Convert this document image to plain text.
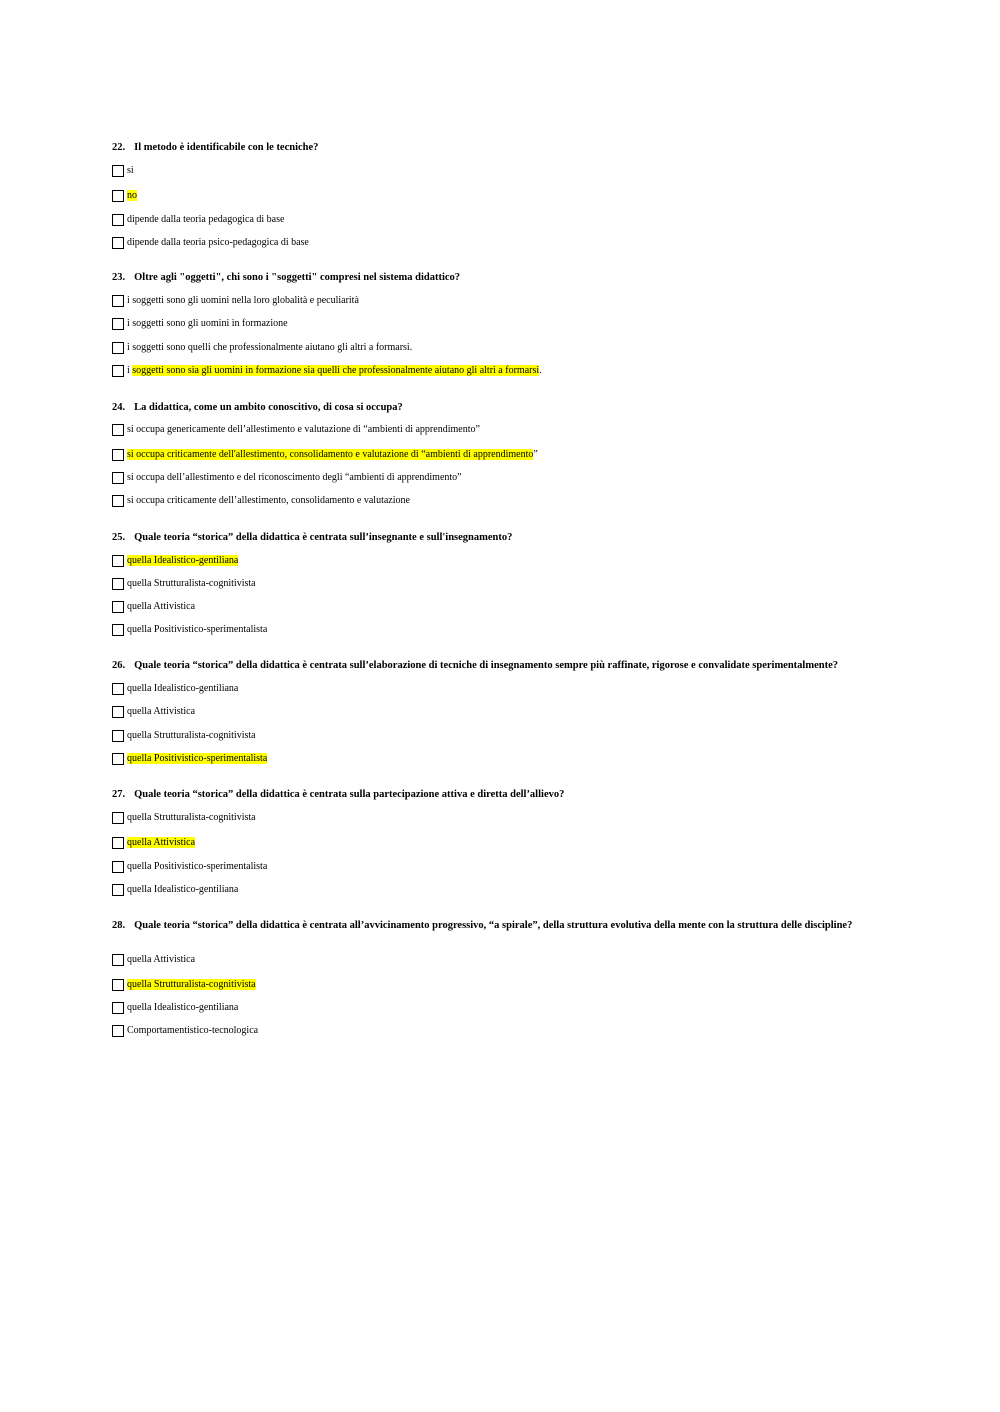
22. Il metodo è identificabile con le tecniche?

si
no
dipende dalla teoria pedagogica di base
dipende dalla teoria psico-pedagogica di base

23. Oltre agli "oggetti", chi sono i "soggetti" compresi nel sistema didattico?

i soggetti sono gli uomini nella loro globalità e peculiarità
i soggetti sono gli uomini in formazione
i soggetti sono quelli che professionalmente aiutano gli altri a formarsi.
i soggetti sono sia gli uomini in formazione sia quelli che professionalmente aiutano gli altri a formarsi.

24. La didattica, come un ambito conoscitivo, di cosa si occupa?

si occupa genericamente dell’allestimento e valutazione di “ambienti di apprendimento”
si occupa criticamente dell'allestimento, consolidamento e valutazione di “ambienti di apprendimento”
si occupa dell’allestimento e del riconoscimento degli “ambienti di apprendimento”
si occupa criticamente dell’allestimento, consolidamento e valutazione

25. Quale teoria “storica” della didattica è centrata sull’insegnante e sull'insegnamento?

quella Idealistico-gentiliana
quella Strutturalista-cognitivista
quella Attivistica
quella Positivistico-sperimentalista

26. Quale teoria “storica” della didattica è centrata sull’elaborazione di tecniche di insegnamento sempre più raffinate, rigorose e convalidate sperimentalmente?

quella Idealistico-gentiliana
quella Attivistica
quella Strutturalista-cognitivista
quella Positivistico-sperimentalista

27. Quale teoria “storica” della didattica è centrata sulla partecipazione attiva e diretta dell’allievo?

quella Strutturalista-cognitivista
quella Attivistica
quella Positivistico-sperimentalista
quella Idealistico-gentiliana

28. Quale teoria “storica” della didattica è centrata all’avvicinamento progressivo, “a spirale”, della struttura evolutiva della mente con la struttura delle discipline?

quella Attivistica
quella Strutturalista-cognitivista
quella Idealistico-gentiliana
Comportamentistico-tecnologica
